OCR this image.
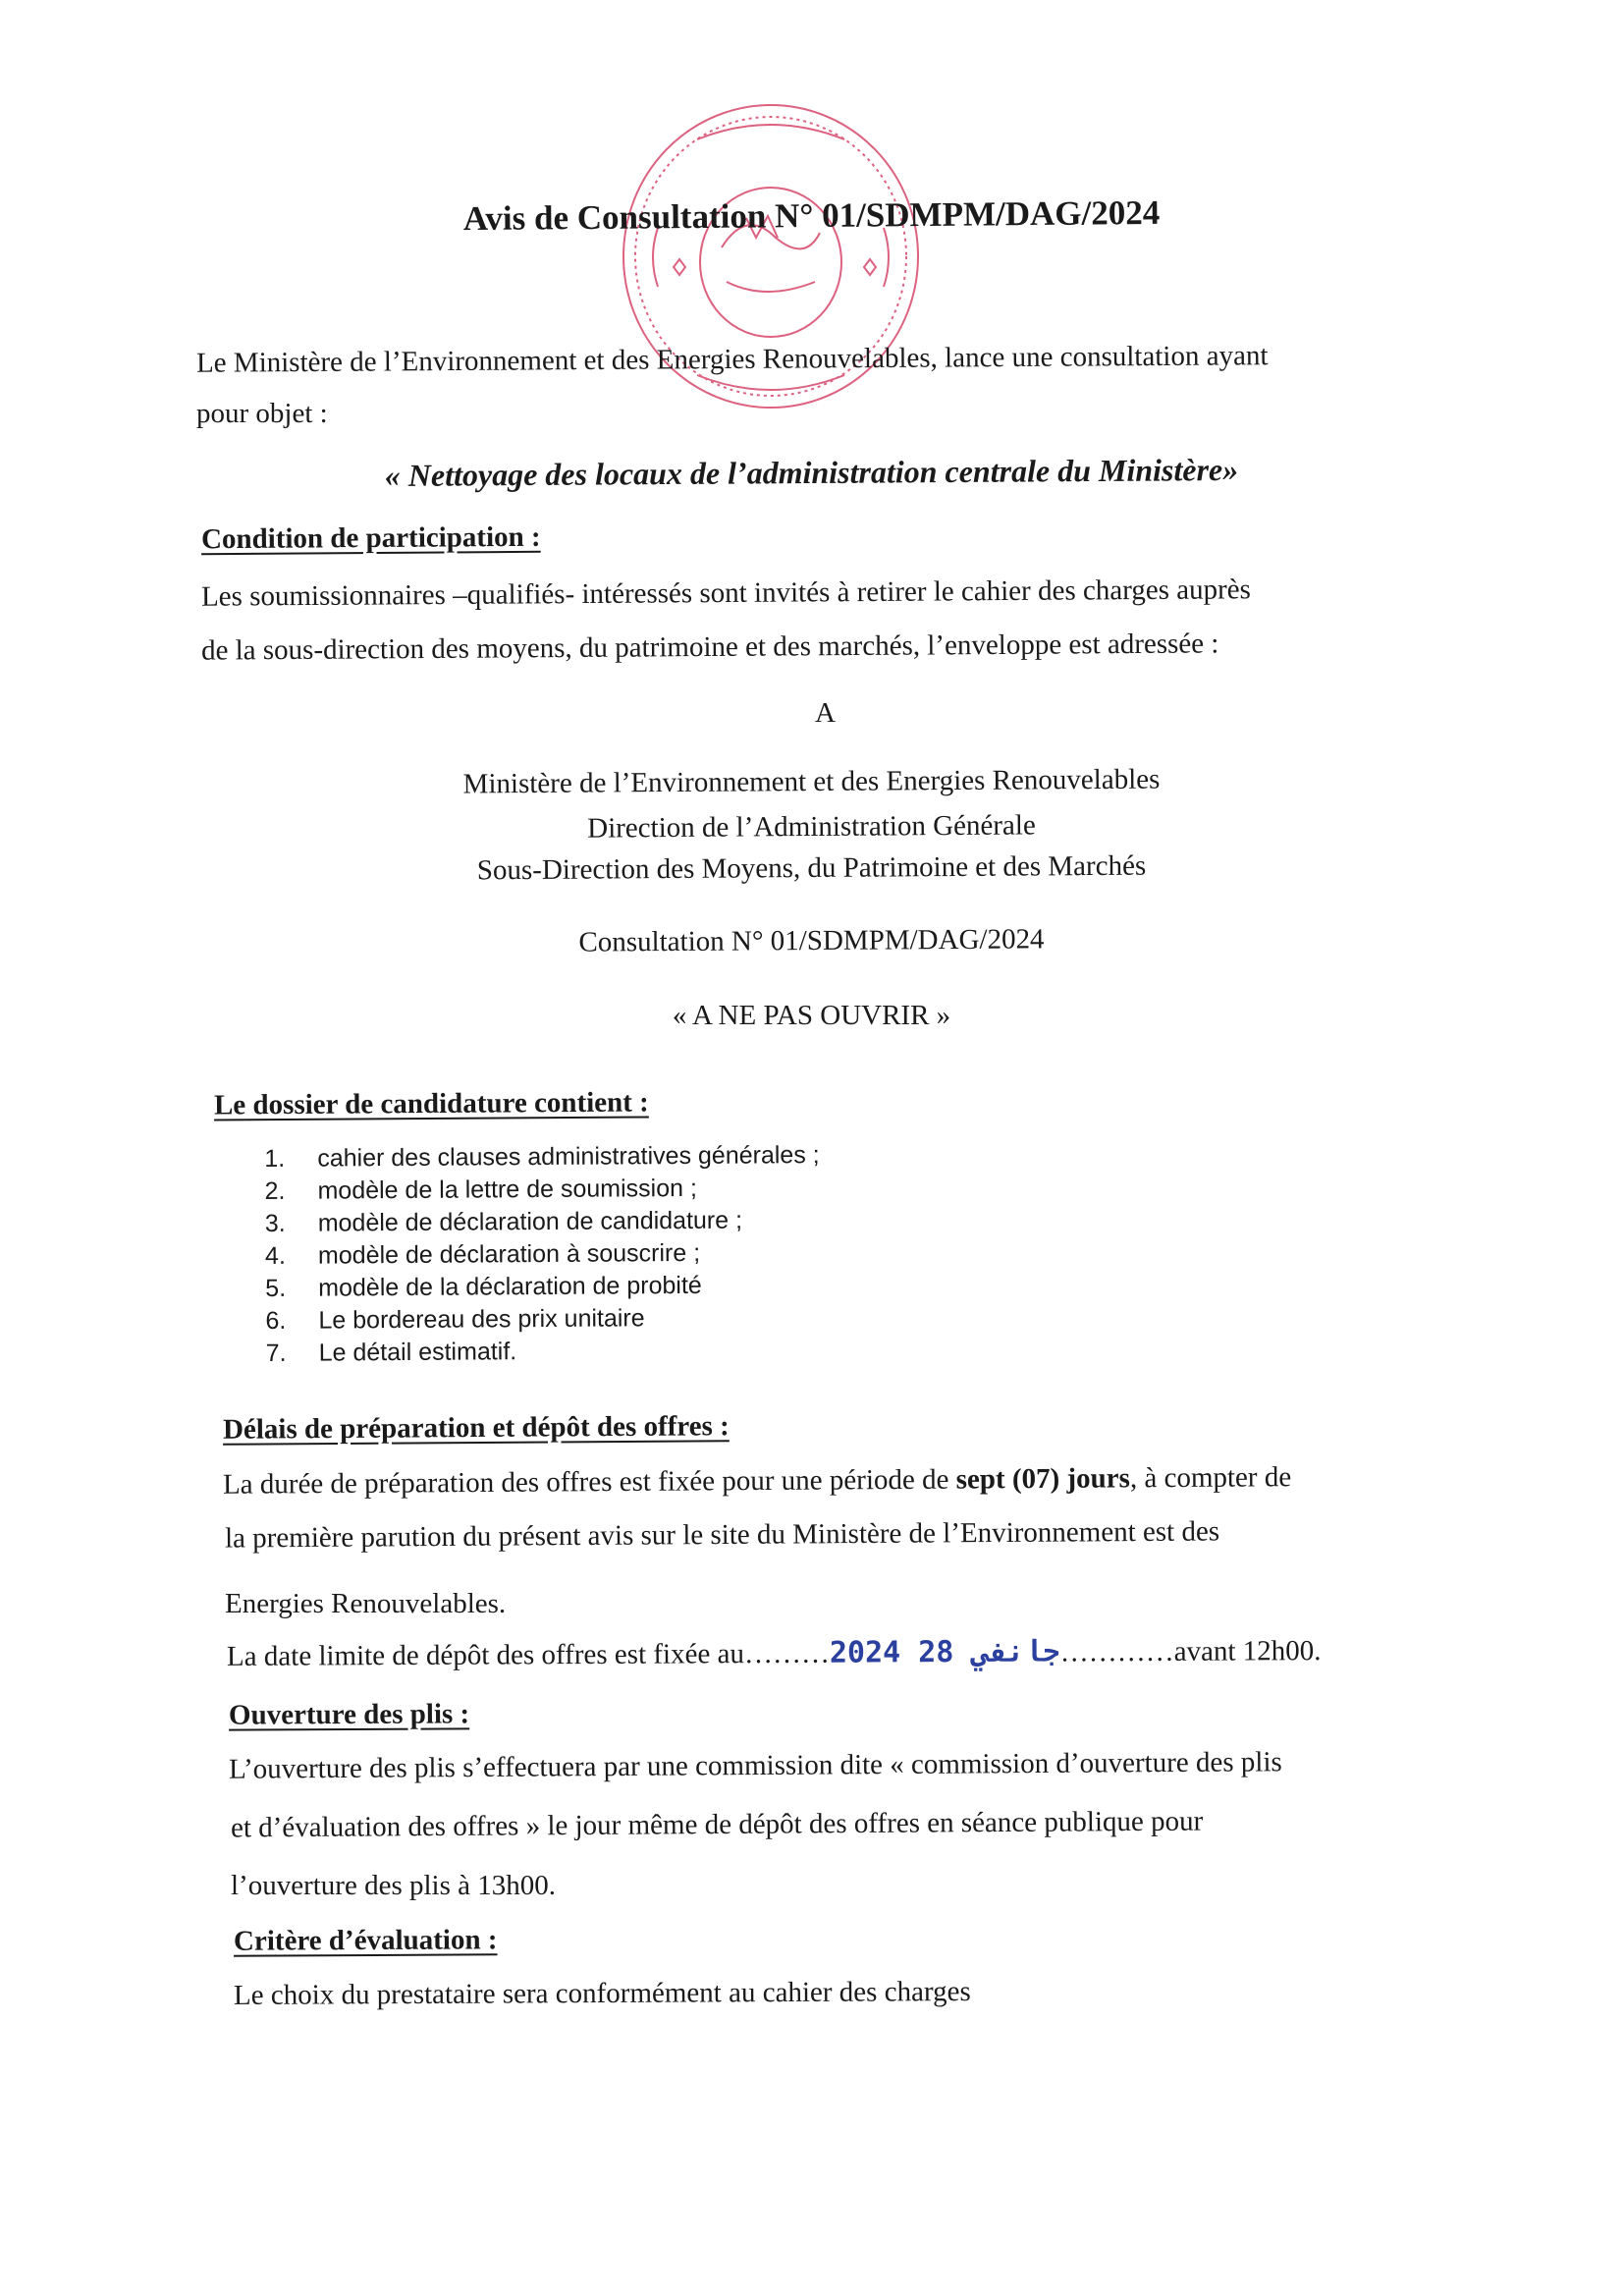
Avis de Consultation N° 01/SDMPM/DAG/2024
Le Ministère de l’Environnement et des Energies Renouvelables, lance une consultation ayant
pour objet :
« Nettoyage des locaux de l’administration centrale du Ministère»
Condition de participation :
Les soumissionnaires –qualifiés- intéressés sont invités à retirer le cahier des charges auprès
de la sous-direction des moyens, du patrimoine et des marchés, l’enveloppe est adressée :
A
Ministère de l’Environnement et des Energies Renouvelables
Direction de l’Administration Générale
Sous-Direction des Moyens, du Patrimoine et des Marchés
Consultation N° 01/SDMPM/DAG/2024
« A NE PAS OUVRIR »
Le dossier de candidature contient :
1. cahier des clauses administratives générales ;
2. modèle de la lettre de soumission ;
3. modèle de déclaration de candidature ;
4. modèle de déclaration à souscrire ;
5. modèle de la déclaration de probité
6. Le bordereau des prix unitaire
7. Le détail estimatif.
Délais de préparation et dépôt des offres :
La durée de préparation des offres est fixée pour une période de sept (07) jours, à compter de
la première parution du présent avis sur le site du Ministère de l’Environnement est des
Energies Renouvelables.
La date limite de dépôt des offres est fixée au………2024 جانفي 28…………avant 12h00.
Ouverture des plis :
L’ouverture des plis s’effectuera par une commission dite « commission d’ouverture des plis
et d’évaluation des offres » le jour même de dépôt des offres en séance publique pour
l’ouverture des plis à 13h00.
Critère d’évaluation :
Le choix du prestataire sera conformément au cahier des charges
